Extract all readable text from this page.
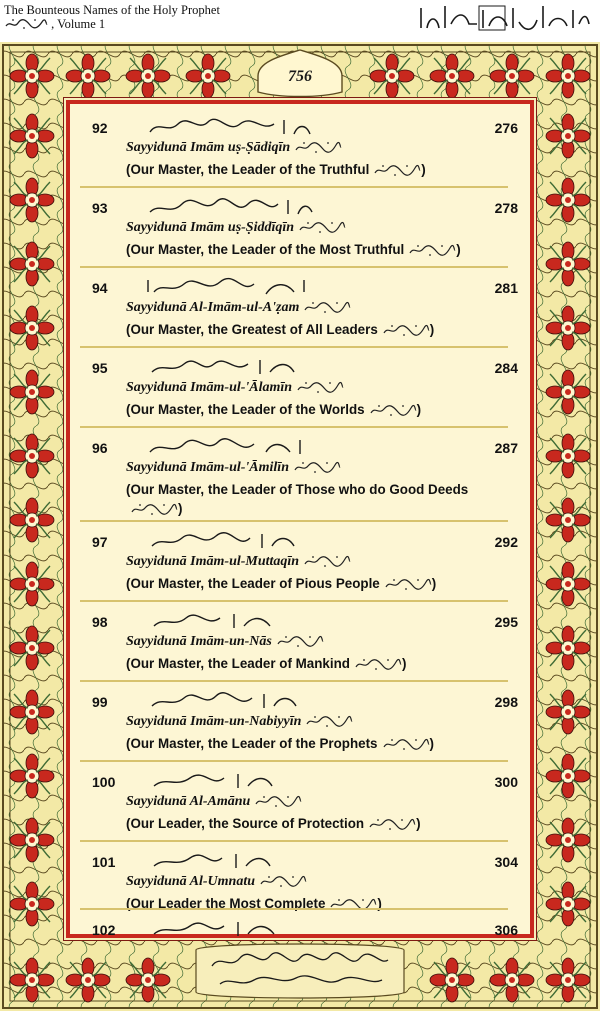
The Bounteous Names of the Holy Prophet
, Volume 1
756
92	276
Sayyidunā Imām uṣ-Ṣādiqīn
(Our Master, the Leader of the Truthful	)
93	278
Sayyidunā Imām uṣ-Ṣiddīqīn
(Our Master, the Leader of the Most Truthful	)
94	281
Sayyidunā Al-Imām-ul-A'ẓam
(Our Master, the Greatest of All Leaders	)
95	284
Sayyidunā Imām-ul-'Ālamīn
(Our Master, the Leader of the Worlds	)
96	287
Sayyidunā Imām-ul-'Āmilīn
(Our Master, the Leader of Those who do Good Deeds)
97	292
Sayyidunā Imām-ul-Muttaqīn
(Our Master, the Leader of Pious People	)
98	295
Sayyidunā Imām-un-Nās
(Our Master, the Leader of Mankind	)
99	298
Sayyidunā Imām-un-Nabiyyīn
(Our Master, the Leader of the Prophets	)
100	300
Sayyidunā Al-Amānu
(Our Leader, the Source of Protection	)
101	304
Sayyidunā Al-Umnatu
(Our Leader the Most Complete	)
102	306
